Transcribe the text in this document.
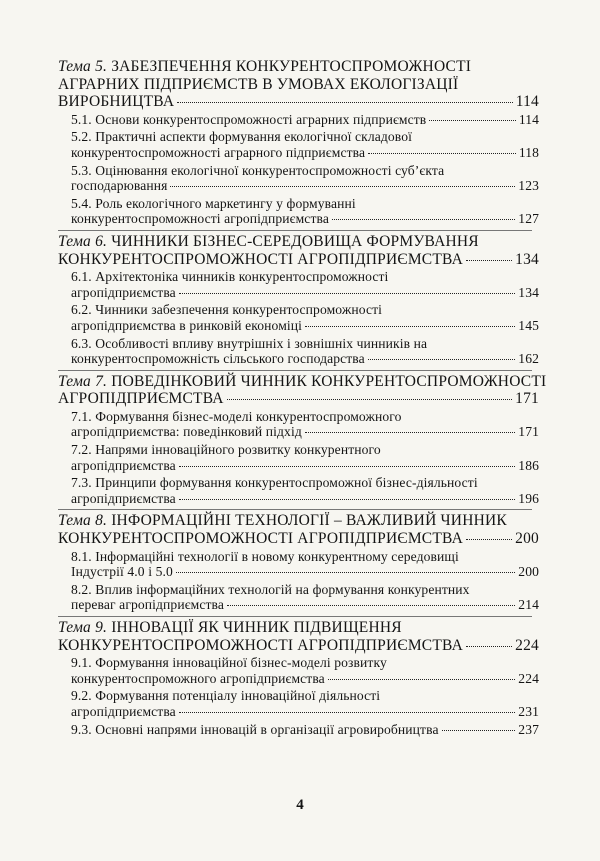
Тема 5.
ЗАБЕЗПЕЧЕННЯ КОНКУРЕНТОСПРОМОЖНОСТІ
АГРАРНИХ ПІДПРИЄМСТВ В УМОВАХ ЕКОЛОГІЗАЦІЇ
ВИРОБНИЦТВА	114
5.1. Основи конкурентоспроможності аграрних підприємств	114
5.2. Практичні аспекти формування екологічної складової
конкурентоспроможності аграрного підприємства	118
5.3. Оцінювання екологічної конкурентоспроможності суб’єкта
господарювання	123
5.4. Роль екологічного маркетингу у формуванні
конкурентоспроможності агропідприємства	127
Тема 6.
ЧИННИКИ БІЗНЕС-СЕРЕДОВИЩА ФОРМУВАННЯ
КОНКУРЕНТОСПРОМОЖНОСТІ АГРОПІДПРИЄМСТВА	134
6.1. Архітектоніка чинників конкурентоспроможності
агропідприємства	134
6.2. Чинники забезпечення конкурентоспроможності
агропідприємства в ринковій економіці	145
6.3. Особливості впливу внутрішніх і зовнішніх чинників на
конкурентоспроможність сільського господарства	162
Тема 7.
ПОВЕДІНКОВИЙ ЧИННИК КОНКУРЕНТОСПРОМОЖНОСТІ
АГРОПІДПРИЄМСТВА	171
7.1. Формування бізнес-моделі конкурентоспроможного
агропідприємства: поведінковий підхід	171
7.2. Напрями інноваційного розвитку конкурентного
агропідприємства	186
7.3. Принципи формування конкурентоспроможної бізнес-діяльності
агропідприємства	196
Тема 8.
ІНФОРМАЦІЙНІ ТЕХНОЛОГІЇ – ВАЖЛИВИЙ ЧИННИК
КОНКУРЕНТОСПРОМОЖНОСТІ АГРОПІДПРИЄМСТВА	200
8.1. Інформаційні технології в новому конкурентному середовищі
Індустрії 4.0 і 5.0	200
8.2. Вплив інформаційних технологій на формування конкурентних
переваг агропідприємства	214
Тема 9.
ІННОВАЦІЇ ЯК ЧИННИК ПІДВИЩЕННЯ
КОНКУРЕНТОСПРОМОЖНОСТІ АГРОПІДПРИЄМСТВА	224
9.1. Формування інноваційної бізнес-моделі розвитку
конкурентоспроможного агропідприємства	224
9.2. Формування потенціалу інноваційної діяльності
агропідприємства	231
9.3. Основні напрями інновацій в організації агровиробництва	237
4
